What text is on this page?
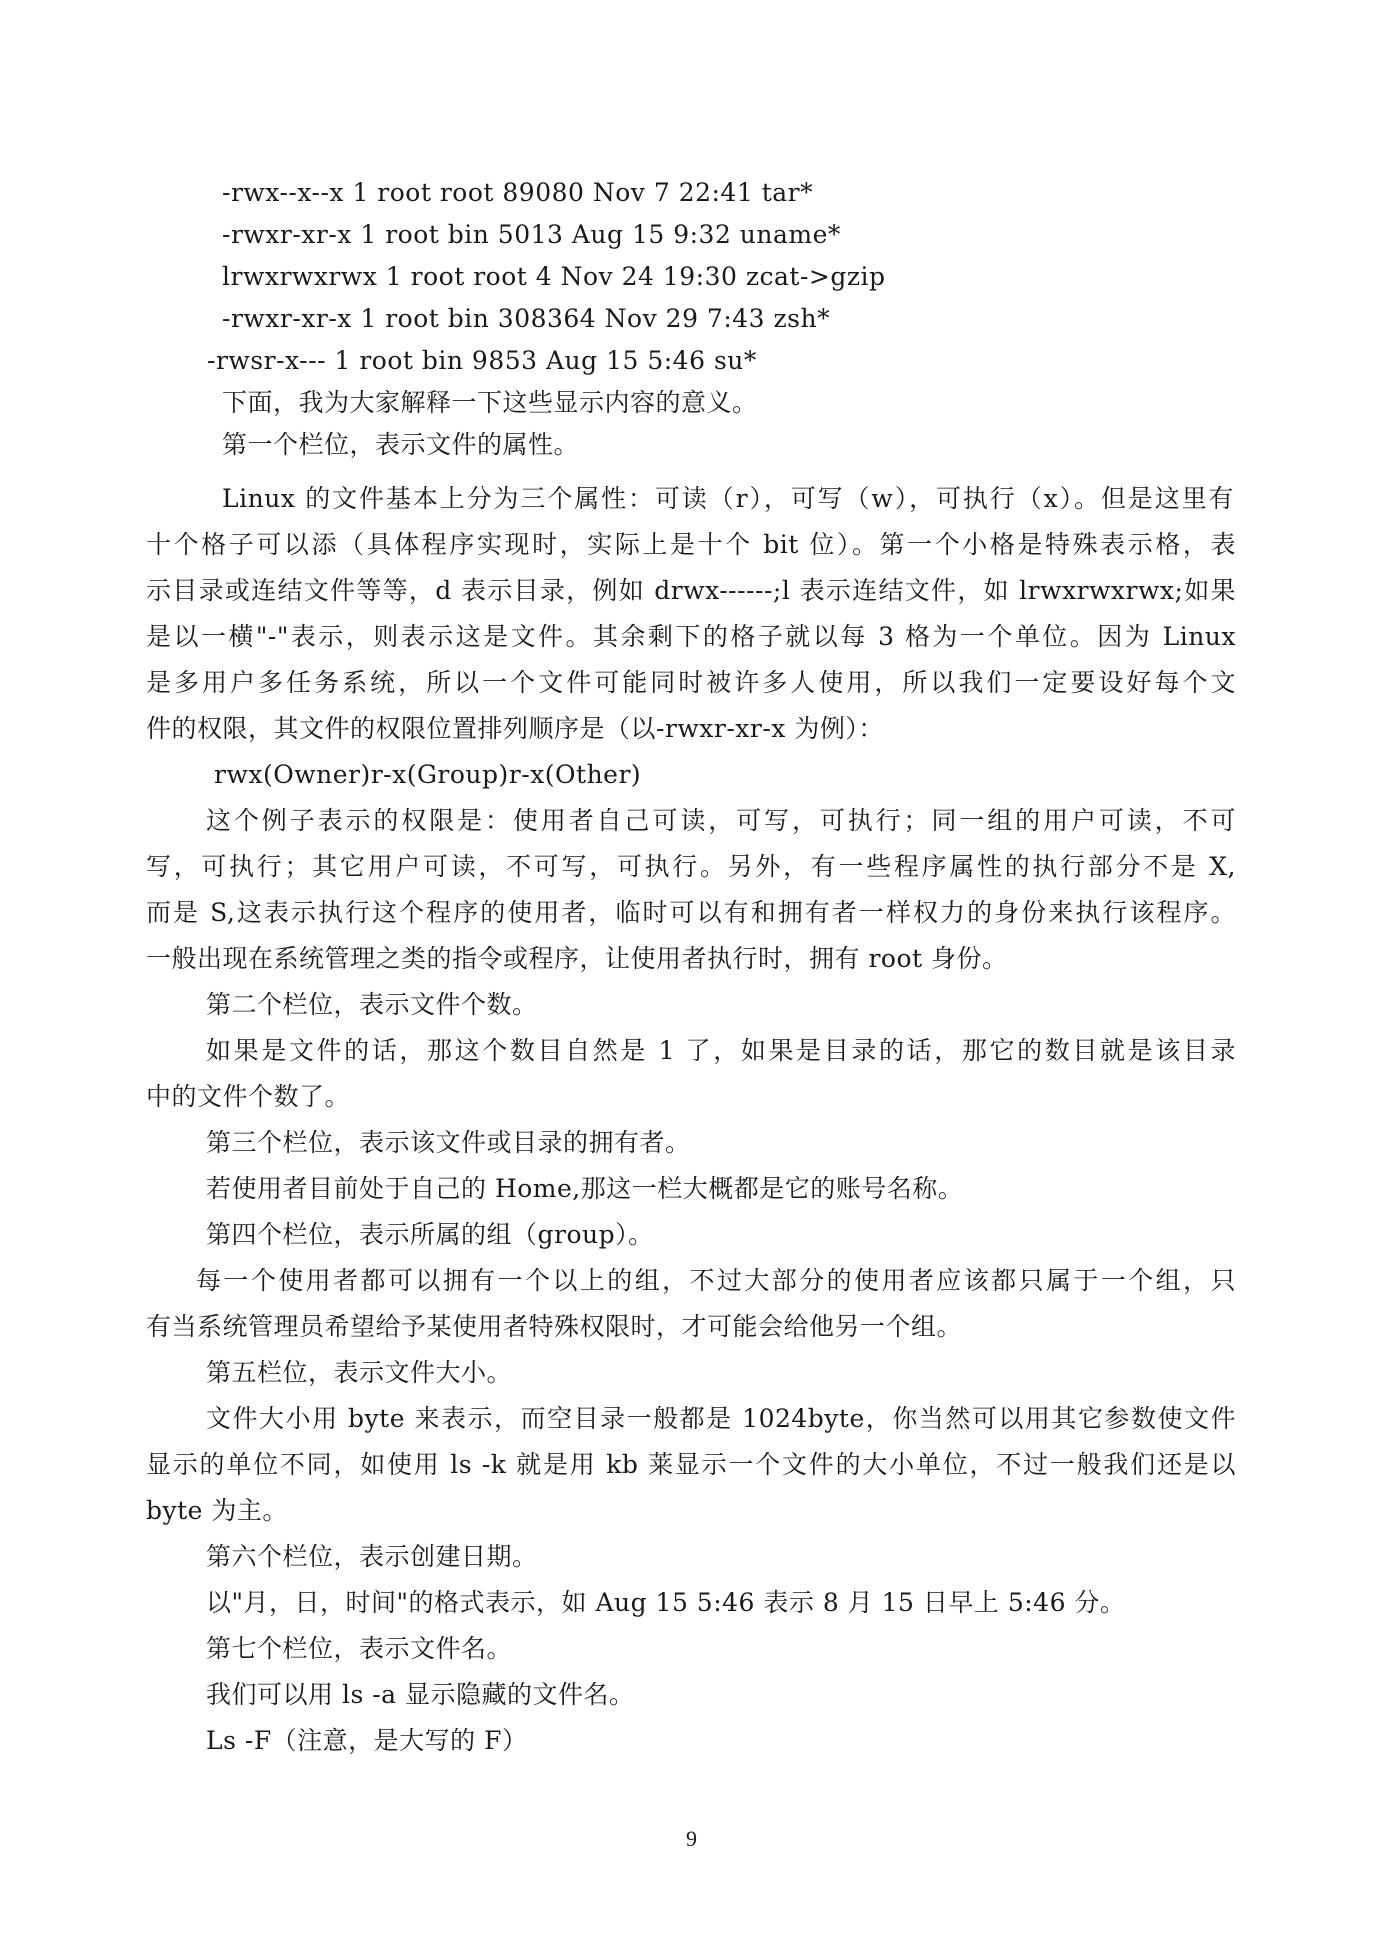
-rwx--x--x 1 root root 89080 Nov 7 22:41 tar*
-rwxr-xr-x 1 root bin 5013 Aug 15 9:32 uname*
lrwxrwxrwx 1 root root 4 Nov 24 19:30 zcat->gzip
-rwxr-xr-x 1 root bin 308364 Nov 29 7:43 zsh*
-rwsr-x--- 1 root bin 9853 Aug 15 5:46 su*
下面，我为大家解释一下这些显示内容的意义。
第一个栏位，表示文件的属性。
Linux 的文件基本上分为三个属性：可读（r），可写（w），可执行（x）。但是这里有
十个格子可以添（具体程序实现时，实际上是十个 bit 位）。第一个小格是特殊表示格，表
示目录或连结文件等等，d 表示目录，例如 drwx------;l 表示连结文件，如 lrwxrwxrwx;如果
是以一横"-"表示，则表示这是文件。其余剩下的格子就以每 3 格为一个单位。因为 Linux
是多用户多任务系统，所以一个文件可能同时被许多人使用，所以我们一定要设好每个文
件的权限，其文件的权限位置排列顺序是（以-rwxr-xr-x 为例）：
rwx(Owner)r-x(Group)r-x(Other)
这个例子表示的权限是：使用者自己可读，可写，可执行；同一组的用户可读，不可
写，可执行；其它用户可读，不可写，可执行。另外，有一些程序属性的执行部分不是 X,
而是 S,这表示执行这个程序的使用者，临时可以有和拥有者一样权力的身份来执行该程序。
一般出现在系统管理之类的指令或程序，让使用者执行时，拥有 root 身份。
第二个栏位，表示文件个数。
如果是文件的话，那这个数目自然是 1 了，如果是目录的话，那它的数目就是该目录
中的文件个数了。
第三个栏位，表示该文件或目录的拥有者。
若使用者目前处于自己的 Home,那这一栏大概都是它的账号名称。
第四个栏位，表示所属的组（group）。
每一个使用者都可以拥有一个以上的组，不过大部分的使用者应该都只属于一个组，只
有当系统管理员希望给予某使用者特殊权限时，才可能会给他另一个组。
第五栏位，表示文件大小。
文件大小用 byte 来表示，而空目录一般都是 1024byte，你当然可以用其它参数使文件
显示的单位不同，如使用 ls -k 就是用 kb 莱显示一个文件的大小单位，不过一般我们还是以
byte 为主。
第六个栏位，表示创建日期。
以"月，日，时间"的格式表示，如 Aug 15 5:46 表示 8 月 15 日早上 5:46 分。
第七个栏位，表示文件名。
我们可以用 ls -a 显示隐藏的文件名。
Ls -F（注意，是大写的 F）
9
